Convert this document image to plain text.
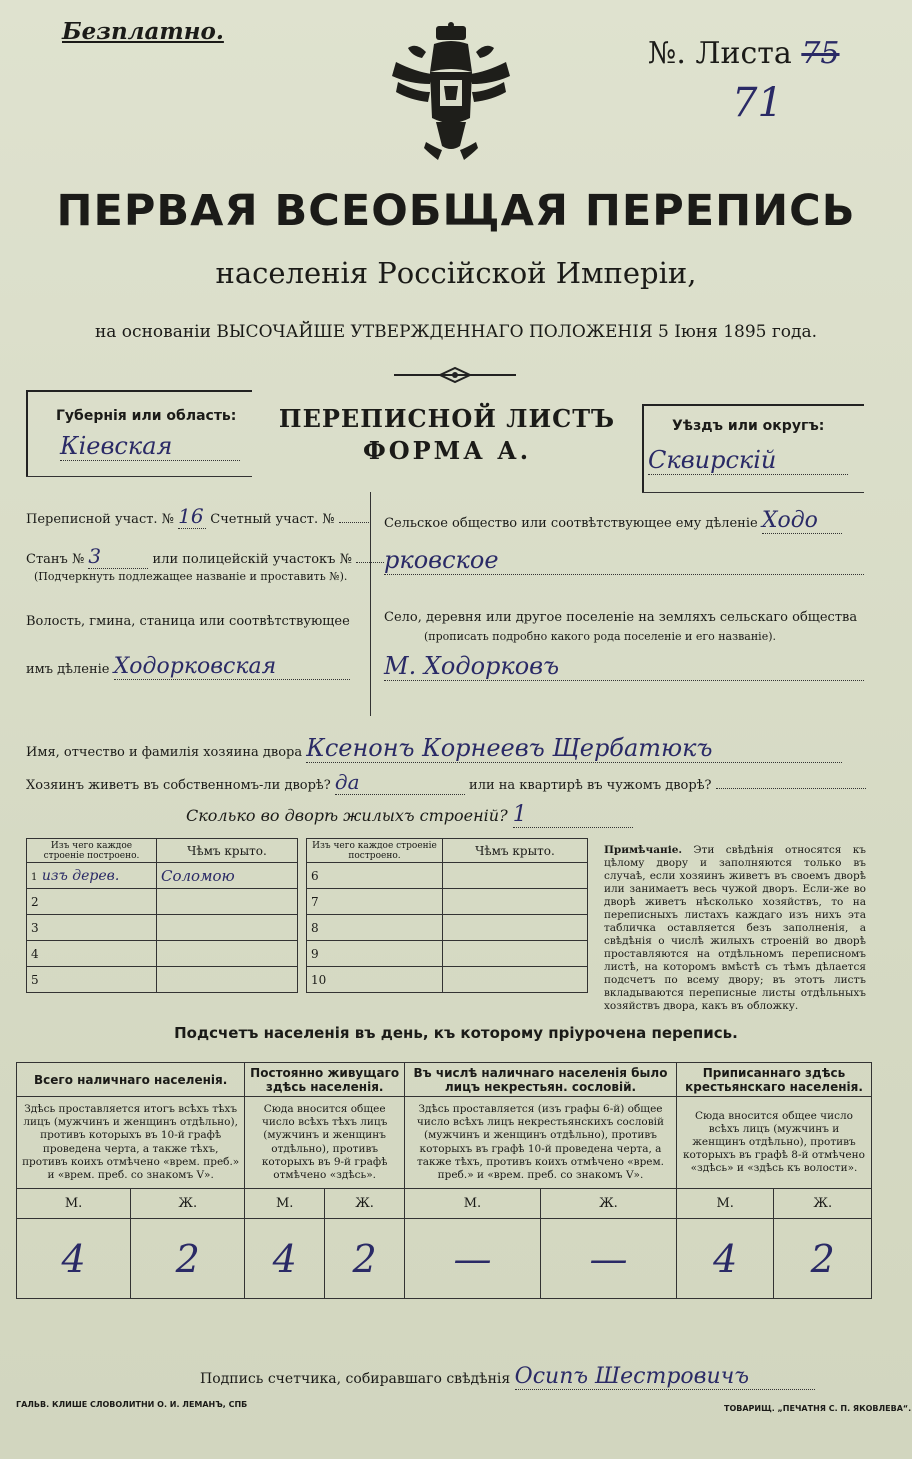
Безплатно.
№. Листа 75
71
ПЕРВАЯ ВСЕОБЩАЯ ПЕРЕПИСЬ
населенія Россійской Имперіи,
на основаніи ВЫСОЧАЙШЕ УТВЕРЖДЕННАГО ПОЛОЖЕНІЯ 5 Іюня 1895 года.
Губернія или область:
Кіевская
ПЕРЕПИСНОЙ ЛИСТЪ
ФОРМА А.
Уѣздъ или округъ:
Сквирскій
Переписной участ. № 16 Счетный участ. №
Станъ № 3	или полицейскій участокъ №
(Подчеркнуть подлежащее названіе и проставить №).
Волость, гмина, станица или соотвѣтствующее
имъ дѣленіе Ходорковская
Сельское общество или соотвѣтствующее ему дѣленіе Ходо
рковское
Село, деревня или другое поселеніе на земляхъ сельскаго общества
(прописать подробно какого рода поселеніе и его названіе).
М. Ходорковъ
Имя, отчество и фамилія хозяина двора Ксенонъ Корнеевъ Щербатюкъ
Хозяинъ живетъ въ собственномъ-ли дворѣ? да	или на квартирѣ въ чужомъ дворѣ?
Сколько во дворѣ жилыхъ строеній? 1
Изъ чего каждое строеніе построено.	Чѣмъ крыто.
1 изъ дерев.	Соломою
2	
3	
4	
5	
Изъ чего каждое строеніе построено.	Чѣмъ крыто.
6	
7	
8	
9	
10	
Примѣчаніе. Эти свѣдѣнія относятся къ цѣлому двору и заполняются только въ случаѣ, если хозяинъ живетъ въ своемъ дворѣ или занимаетъ весь чужой дворъ. Если-же во дворѣ живетъ нѣсколько хозяйствъ, то на переписныхъ листахъ каждаго изъ нихъ эта табличка оставляется безъ заполненія, а свѣдѣнія о числѣ жилыхъ строеній во дворѣ проставляются на отдѣльномъ переписномъ листѣ, на которомъ вмѣстѣ съ тѣмъ дѣлается подсчетъ по всему двору; въ этотъ листъ вкладываются переписные листы отдѣльныхъ хозяйствъ двора, какъ въ обложку.
Подсчетъ населенія въ день, къ которому пріурочена перепись.
Всего наличнаго населенія.		Постоянно живущаго здѣсь населенія.		Въ числѣ наличнаго населенія было лицъ некрестьян. сословій.		Приписаннаго здѣсь крестьянскаго населенія.	
Здѣсь проставляется итогъ всѣхъ тѣхъ лицъ (мужчинъ и женщинъ отдѣльно), противъ которыхъ въ 10-й графѣ проведена черта, а также тѣхъ, противъ коихъ отмѣчено «врем. преб.» и «врем. преб. со знакомъ V».		Сюда вносится общее число всѣхъ тѣхъ лицъ (мужчинъ и женщинъ отдѣльно), противъ которыхъ въ 9-й графѣ отмѣчено «здѣсь».		Здѣсь проставляется (изъ графы 6-й) общее число всѣхъ лицъ некрестьянскихъ сословій (мужчинъ и женщинъ отдѣльно), противъ которыхъ въ графѣ 10-й проведена черта, а также тѣхъ, противъ коихъ отмѣчено «врем. преб.» и «врем. преб. со знакомъ V».		Сюда вносится общее число всѣхъ лицъ (мужчинъ и женщинъ отдѣльно), противъ которыхъ въ графѣ 8-й отмѣчено «здѣсь» и «здѣсь къ волости».	
М.	Ж.	М.	Ж.	М.	Ж.	М.	Ж.
4	2	4	2	—	—	4	2
Подпись счетчика, собиравшаго свѣдѣнія Осипъ Шестровичъ
ГАЛЬВ. КЛИШЕ СЛОВОЛИТНИ О. И. ЛЕМАНЪ, СПБ	ТОВАРИЩ. „ПЕЧАТНЯ С. П. ЯКОВЛЕВА“.
